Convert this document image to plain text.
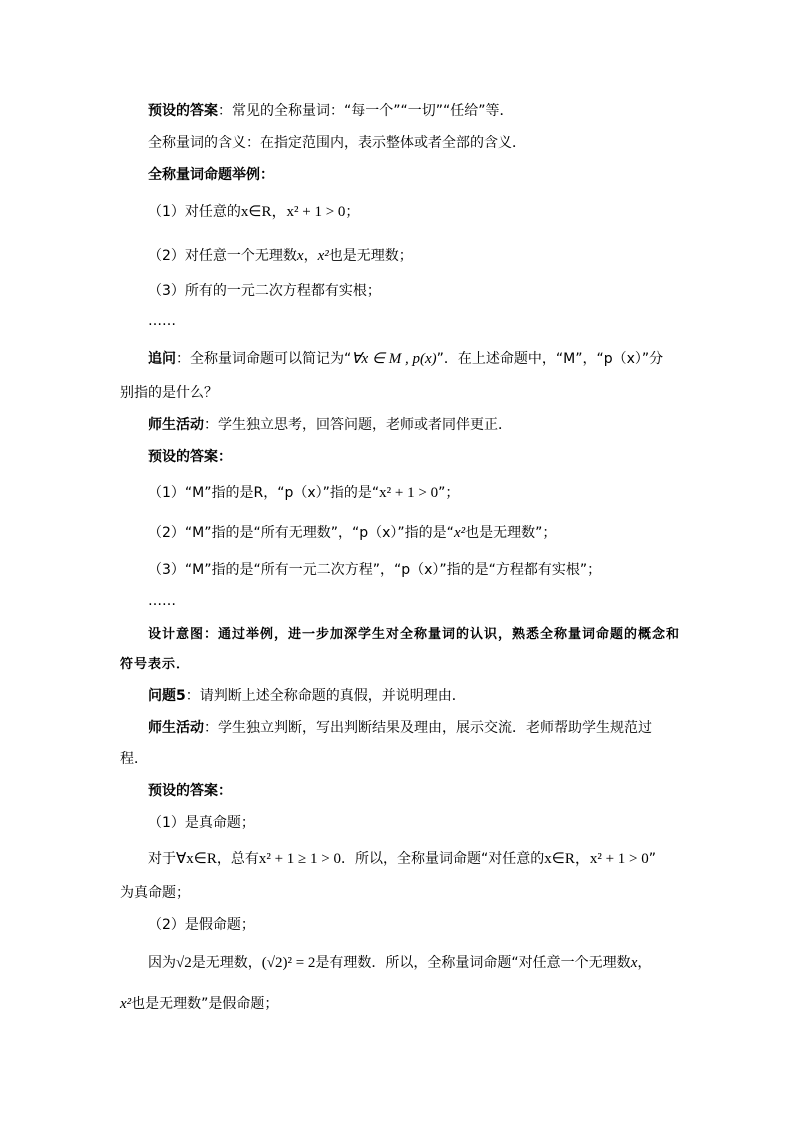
预设的答案：常见的全称量词：“每一个”“一切”“任给”等．
全称量词的含义：在指定范围内，表示整体或者全部的含义．
全称量词命题举例：
（1）对任意的x∈R，x² + 1 > 0；
（2）对任意一个无理数x，x²也是无理数；
（3）所有的一元二次方程都有实根；
……
追问：全称量词命题可以简记为“∀x ∈ M , p(x)”．在上述命题中，“M”，“p（x）”分
别指的是什么？
师生活动：学生独立思考，回答问题，老师或者同伴更正．
预设的答案：
（1）“M”指的是R，“p（x）”指的是“x² + 1 > 0”；
（2）“M”指的是“所有无理数”，“p（x）”指的是“x²也是无理数”；
（3）“M”指的是“所有一元二次方程”，“p（x）”指的是“方程都有实根”；
……
设计意图：通过举例，进一步加深学生对全称量词的认识，熟悉全称量词命题的概念和
符号表示．
问题5：请判断上述全称命题的真假，并说明理由．
师生活动：学生独立判断，写出判断结果及理由，展示交流．老师帮助学生规范过
程．
预设的答案：
（1）是真命题；
对于∀x∈R，总有x² + 1 ≥ 1 > 0．所以，全称量词命题“对任意的x∈R，x² + 1 > 0”
为真命题；
（2）是假命题；
因为√2是无理数，(√2)² = 2是有理数．所以，全称量词命题“对任意一个无理数x，
x²也是无理数”是假命题；
